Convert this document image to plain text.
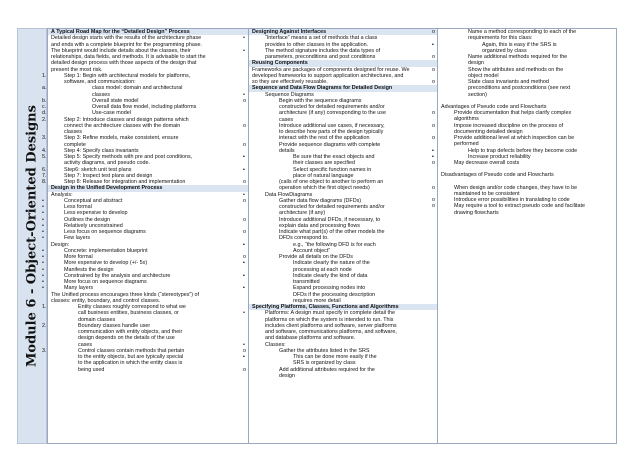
Module 6 - Object-Oriented Designs
A Typical Road Map for the “Detailed Design” Process
Detailed design starts with the results of the architecture phase
and ends with a complete blueprint for the programming phase.
The blueprint would include details about the classes, their
relationships, data fields, and methods. It is advisable to start the
detailed design process with those aspects of the design that
present the most risk.
1.	Step 1: Begin with architectural models for platforms,
software, and communication:
a.	class model: domain and architectural
classes
b.	Overall state model
c.	Overall data flow model, including platforms
d.	Use-case model
2.	Step 2: Introduce classes and design patterns which
connect the architecture classes with the domain
classes
3.	Step 3: Refine models, make consistent, ensure
complete
4.	Step 4: Specify class invariants
5.	Step 5: Specify methods with pre and post conditions,
activity diagrams, and pseudo code.
6.	Step6: sketch unit test plans
7.	Step 7: Inspect test plans and design
8.	Step 8: Release for integration and implementation
Design in the Unified Development Process
Analysis:
•	Conceptual and abstract
•	Less formal
•	Less expensive to develop
•	Outlines the design
•	Relatively unconstrained
•	Less focus on sequence diagrams
•	Few layers
Design:
•	Concrete: implementation blueprint
•	More formal
•	More expensive to develop (+/- 5x)
•	Manifests the design
•	Constrained by the analysis and architecture
•	More focus on sequence diagrams
•	Many layers
The Unified process encourages three kinds (“stereotypes”) of
classes: entity, boundary, and control classes.
1.	Entity classes roughly correspond to what we
call business entities, business classes, or
domain classes
2.	Boundary classes handle user
communication with entity objects, and their
design depends on the details of the use
cases
3.	Control classes contain methods that pertain
to the entity objects, but are typically special
to the application in which the entity class is
being used
Designing Against Interfaces
•	“Interface” means a set of methods that a class
provides to other classes in the application.
•	The method signature includes the data types of
parameters, preconditions and post conditions
Reusing Components
Frameworks are packages of components designed for reuse. We
developed frameworks to support application architectures, and
so they are effectively reusable.
Sequence and Data Flow Diagrams for Detailed Design
•	Sequence Diagrams
o	Begin with the sequence diagrams
constructed for detailed requirements and/or
architecture (if any) corresponding to the use
cases
o	Introduce additional use cases, if necessary,
to describe how parts of the design typically
interact with the rest of the application
o	Provide sequence diagrams with complete
details
▪	Be sure that the exact objects and
their classes are specified
▪	Select specific function names in
place of natural language
o	(calls of one object to another to perform an
operation which the first object needs)
•	Data FlowDiagrams
o	Gather data flow diagrams (DFDs)
constructed for detailed requirements and/or
architecture (if any)
o	Introduce additional DFDs, if necessary, to
explain data and processing flows
o	Indicate what part(s) of the other models the
DFDs correspond to.
▪	e.g., “the following DFD is for each
Account object”
o	Provide all details on the DFDs
▪	Indicate clearly the nature of the
processing at each node
▪	Indicate clearly the kind of data
transmitted
▪	Expand processing nodes into
DFDs if the processing description
requires more detail
Specifying Platforms, Classes, Functions and Algorithms
•	Platforms: A design must specify in complete detail the
platforms on which the system is intended to run. This
includes client platforms and software, server platforms
and software, communications platforms, and software,
and database platforms and software.
•	Classes:
o	Gather the attributes listed in the SRS
▪	This can be done more easily if the
SRS is organized by class
o	Add additional attributes required for the
design
o	Name a method corresponding to each of the
requirements for this class:
▪	Again, this is easy if the SRS is
organized by class
o	Name additional methods required for the
design
o	Show the attributes and methods on the
object model
o	State class invariants and method
preconditions and postconditions (see next
section)
Advantages of Pseudo code and Flowcharts
o	Provide documentation that helps clarify complex
algorithms
o	Impose increased discipline on the process of
documenting detailed design
o	Provide additional level at which inspection can be
performed
▪	Help to trap defects before they become code
▪	Increase product reliability
o	May decrease overall costs
Disadvantages of Pseudo code and Flowcharts
o	When design and/or code changes, they have to be
maintained to be consistent
o	Introduce error possibilities in translating to code
o	May require a tool to extract pseudo code and facilitate
drawing flowcharts
